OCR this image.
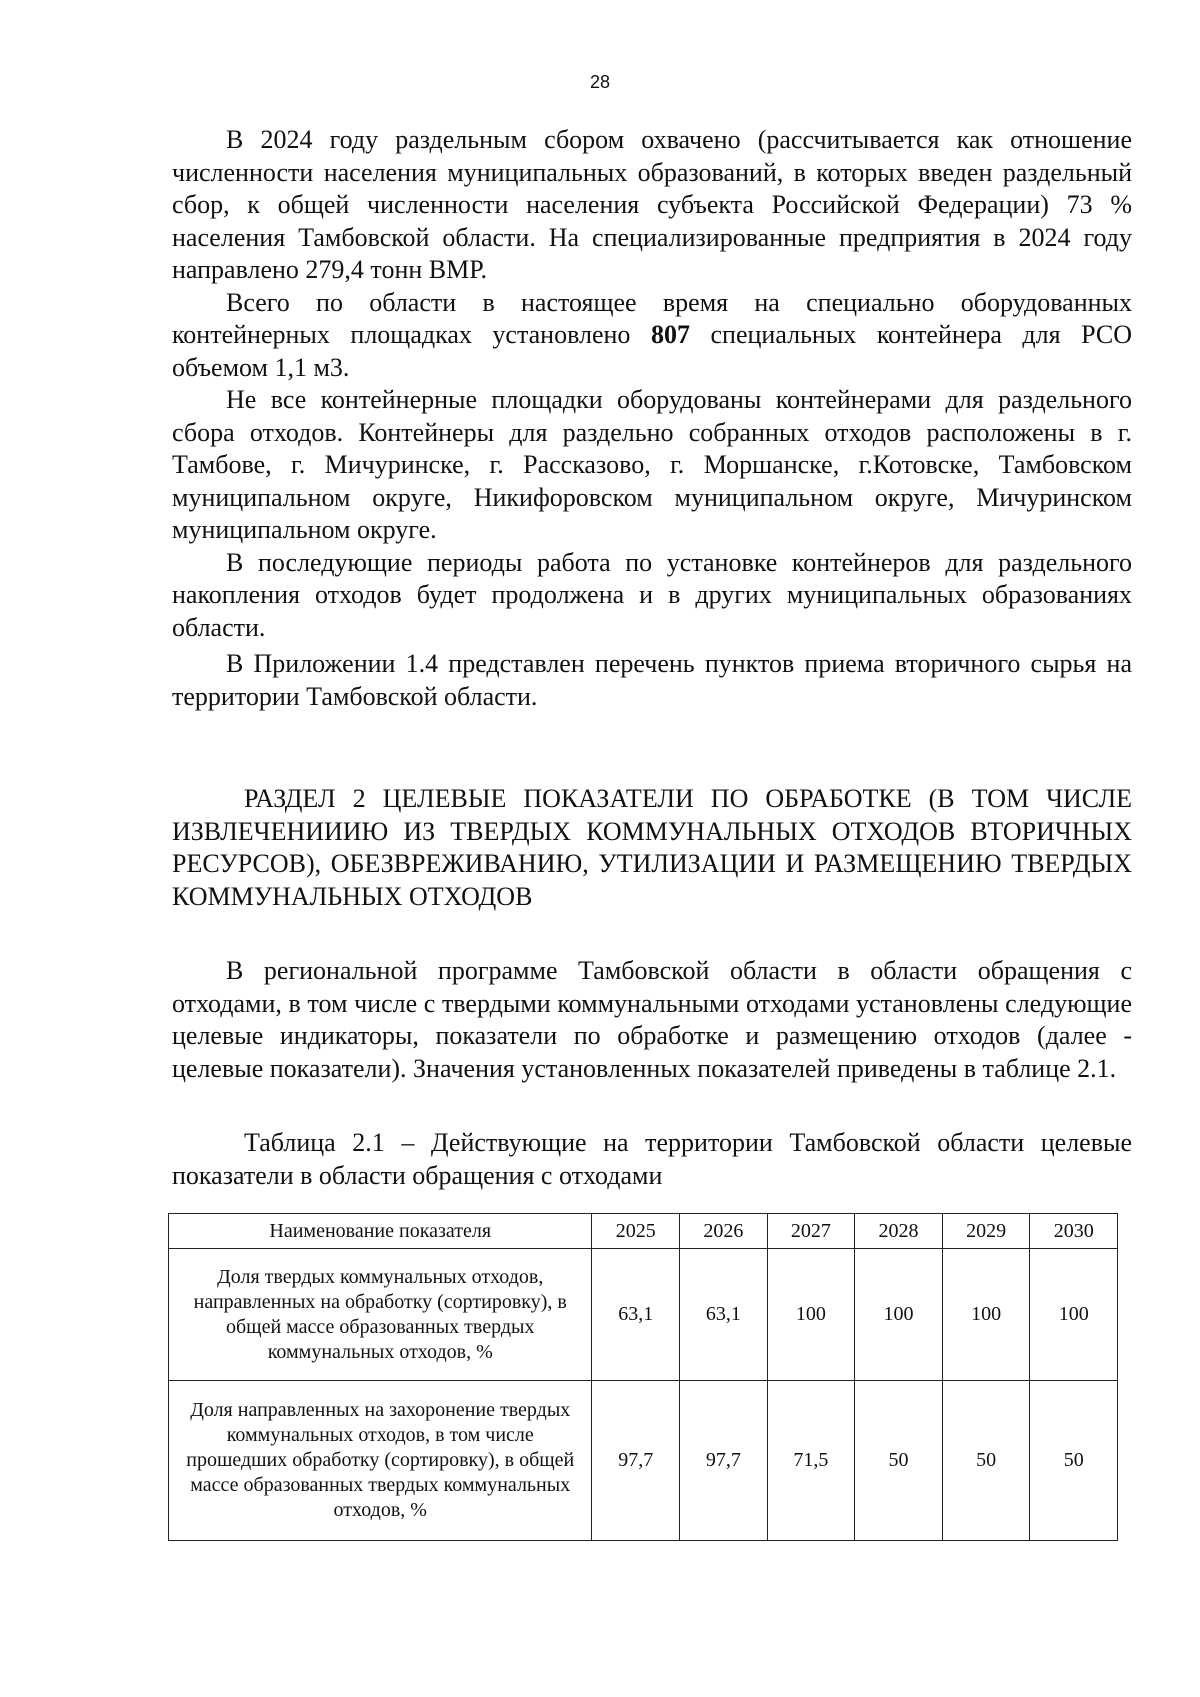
28

В 2024 году раздельным сбором охвачено (рассчитывается как отношение численности населения муниципальных образований, в которых введен раздельный сбор, к общей численности населения субъекта Российской Федерации) 73 % населения Тамбовской области. На специализированные предприятия в 2024 году направлено 279,4 тонн ВМР.

Всего по области в настоящее время на специально оборудованных контейнерных площадках установлено 807 специальных контейнера для РСО объемом 1,1 м3.

Не все контейнерные площадки оборудованы контейнерами для раздельного сбора отходов. Контейнеры для раздельно собранных отходов расположены в г. Тамбове, г. Мичуринске, г. Рассказово, г. Моршанске, г.Котовске, Тамбовском муниципальном округе, Никифоровском муниципальном округе, Мичуринском муниципальном округе.

В последующие периоды работа по установке контейнеров для раздельного накопления отходов будет продолжена и в других муниципальных образованиях области.

В Приложении 1.4 представлен перечень пунктов приема вторичного сырья на территории Тамбовской области.

РАЗДЕЛ 2 ЦЕЛЕВЫЕ ПОКАЗАТЕЛИ ПО ОБРАБОТКЕ (В ТОМ ЧИСЛЕ ИЗВЛЕЧЕНИИИЮ ИЗ ТВЕРДЫХ КОММУНАЛЬНЫХ ОТХОДОВ ВТОРИЧНЫХ РЕСУРСОВ), ОБЕЗВРЕЖИВАНИЮ, УТИЛИЗАЦИИ И РАЗМЕЩЕНИЮ ТВЕРДЫХ КОММУНАЛЬНЫХ ОТХОДОВ

В региональной программе Тамбовской области в области обращения с отходами, в том числе с твердыми коммунальными отходами установлены следующие целевые индикаторы, показатели по обработке и размещению отходов (далее - целевые показатели). Значения установленных показателей приведены в таблице 2.1.

Таблица 2.1 – Действующие на территории Тамбовской области целевые показатели в области обращения с отходами

Наименование показателя	2025	2026	2027	2028	2029	2030
Доля твердых коммунальных отходов, направленных на обработку (сортировку), в общей массе образованных твердых коммунальных отходов, %	63,1	63,1	100	100	100	100
Доля направленных на захоронение твердых коммунальных отходов, в том числе прошедших обработку (сортировку), в общей массе образованных твердых коммунальных отходов, %	97,7	97,7	71,5	50	50	50
